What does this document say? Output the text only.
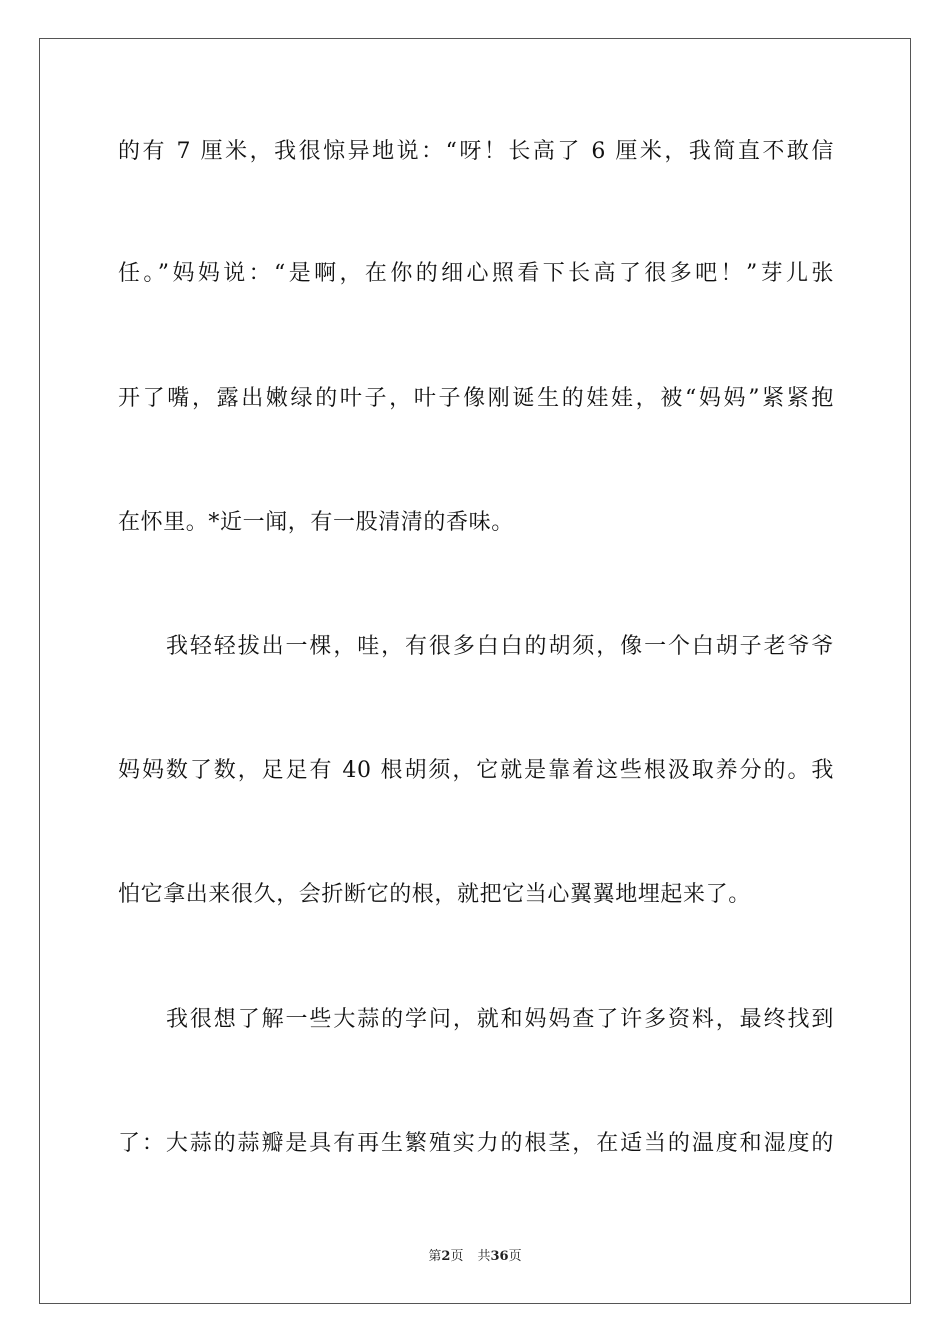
的有 7 厘米，我很惊异地说：“呀！长高了 6 厘米，我简直不敢信
任。”妈妈说：“是啊，在你的细心照看下长高了很多吧！”芽儿张
开了嘴，露出嫩绿的叶子，叶子像刚诞生的娃娃，被“妈妈”紧紧抱
在怀里。*近一闻，有一股清清的香味。
我轻轻拔出一棵，哇，有很多白白的胡须，像一个白胡子老爷爷
妈妈数了数，足足有 40 根胡须，它就是靠着这些根汲取养分的。我
怕它拿出来很久，会折断它的根，就把它当心翼翼地埋起来了。
我很想了解一些大蒜的学问，就和妈妈查了许多资料，最终找到
了：大蒜的蒜瓣是具有再生繁殖实力的根茎，在适当的温度和湿度的
第2页 共36页
